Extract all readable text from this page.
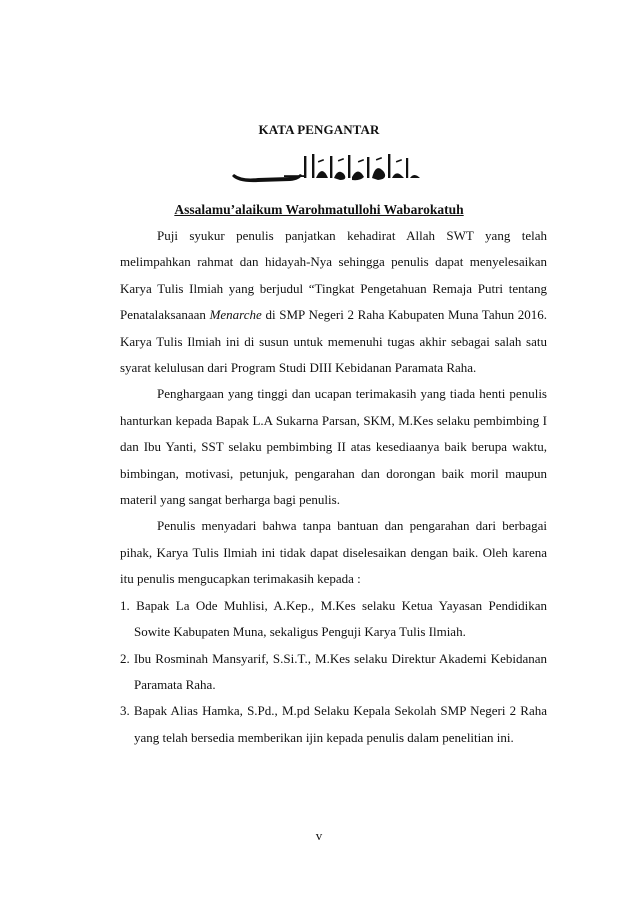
KATA PENGANTAR
Assalamu’alaikum Warohmatullohi Wabarokatuh

Puji syukur penulis panjatkan kehadirat Allah SWT yang telah melimpahkan rahmat dan hidayah-Nya sehingga penulis dapat menyelesaikan Karya Tulis Ilmiah yang berjudul “Tingkat Pengetahuan Remaja Putri tentang Penatalaksanaan Menarche di SMP Negeri 2 Raha Kabupaten Muna Tahun 2016. Karya Tulis Ilmiah ini di susun untuk memenuhi tugas akhir sebagai salah satu syarat kelulusan dari Program Studi DIII Kebidanan Paramata Raha.

Penghargaan yang tinggi dan ucapan terimakasih yang tiada henti penulis hanturkan kepada Bapak L.A Sukarna Parsan, SKM, M.Kes selaku pembimbing I dan Ibu Yanti, SST selaku pembimbing II atas kesediaanya baik berupa waktu, bimbingan, motivasi, petunjuk, pengarahan dan dorongan baik moril maupun materil yang sangat berharga bagi penulis.

Penulis menyadari bahwa tanpa bantuan dan pengarahan dari berbagai pihak, Karya Tulis Ilmiah ini tidak dapat diselesaikan dengan baik. Oleh karena itu penulis mengucapkan terimakasih kepada :

1. Bapak La Ode Muhlisi, A.Kep., M.Kes selaku Ketua Yayasan Pendidikan Sowite Kabupaten Muna, sekaligus Penguji Karya Tulis Ilmiah.
2. Ibu Rosminah Mansyarif, S.Si.T., M.Kes selaku Direktur Akademi Kebidanan Paramata Raha.
3. Bapak Alias Hamka, S.Pd., M.pd Selaku Kepala Sekolah SMP Negeri 2 Raha yang telah bersedia memberikan ijin kepada penulis dalam penelitian ini.
v
